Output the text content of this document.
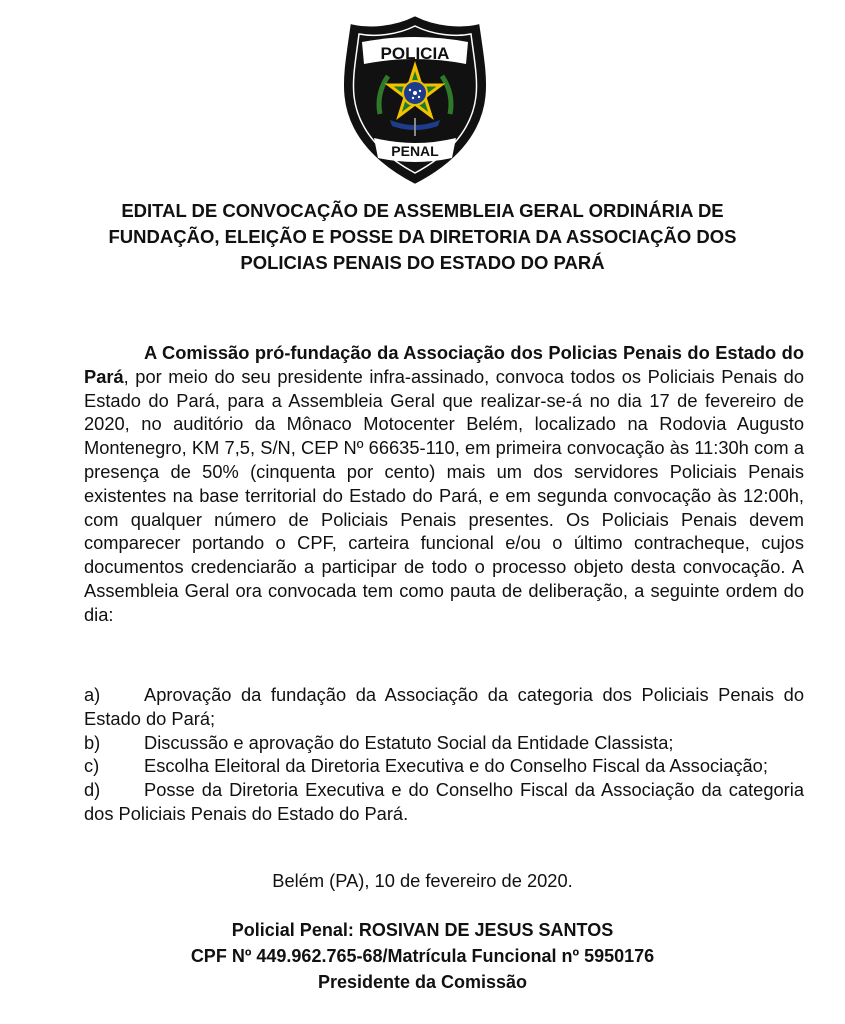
POLICIA
PENAL
EDITAL DE CONVOCAÇÃO DE ASSEMBLEIA GERAL ORDINÁRIA DE
FUNDAÇÃO, ELEIÇÃO E POSSE DA DIRETORIA DA ASSOCIAÇÃO DOS
POLICIAS PENAIS DO ESTADO DO PARÁ

A Comissão pró-fundação da Associação dos Policias Penais do Estado do Pará, por meio do seu presidente infra-assinado, convoca todos os Policiais Penais do Estado do Pará, para a Assembleia Geral que realizar-se-á no dia 17 de fevereiro de 2020, no auditório da Mônaco Motocenter Belém, localizado na Rodovia Augusto Montenegro, KM 7,5, S/N, CEP Nº 66635-110, em primeira convocação às 11:30h com a presença de 50% (cinquenta por cento) mais um dos servidores Policiais Penais existentes na base territorial do Estado do Pará, e em segunda convocação às 12:00h, com qualquer número de Policiais Penais presentes. Os Policiais Penais devem comparecer portando o CPF, carteira funcional e/ou o último contracheque, cujos documentos credenciarão a participar de todo o processo objeto desta convocação. A Assembleia Geral ora convocada tem como pauta de deliberação, a seguinte ordem do dia:

a) Aprovação da fundação da Associação da categoria dos Policiais Penais do Estado do Pará;
b) Discussão e aprovação do Estatuto Social da Entidade Classista;
c) Escolha Eleitoral da Diretoria Executiva e do Conselho Fiscal da Associação;
d) Posse da Diretoria Executiva e do Conselho Fiscal da Associação da categoria dos Policiais Penais do Estado do Pará.
Belém (PA), 10 de fevereiro de 2020.
Policial Penal: ROSIVAN DE JESUS SANTOS
CPF Nº 449.962.765-68/Matrícula Funcional nº 5950176
Presidente da Comissão
